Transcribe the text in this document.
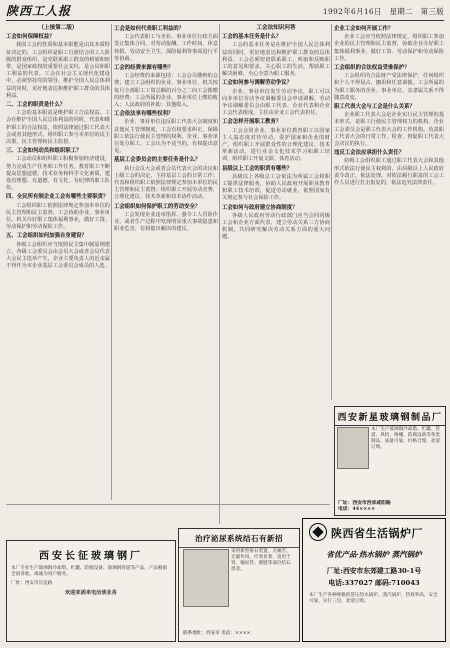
陕西工人报	1992年6月16日 星期二 第三版

（上接第二版）

工会如何保障权益？

我国工会的性质和基本职能是由其本质特征决定的。工会组织是职工自愿结合的工人阶级的群众组织，是党联系职工群众的桥梁和纽带，是国家政权的重要社会支柱，是会员和职工利益的代表。工会在社会主义现代化建设中，必须坚持党的领导，维护全国人民总体利益的同时，更好地表达和维护职工群众的具体利益。

二、工会的职责是什么？

工会的基本职责是维护职工合法权益。工会在维护全国人民总体利益的同时，代表和维护职工的合法权益，依照法律通过职工代表大会或者其他形式，组织职工参与本单位的民主决策、民主管理和民主监督。

三、工会如何动员和组织职工？

工会动员和组织职工积极参加经济建设，努力完成生产任务和工作任务。教育职工不断提高思想道德、技术业务和科学文化素质，建设有理想、有道德、有文化、有纪律的职工队伍。

四、全民所有制企业工会有哪些主要职责？

工会组织职工依照法律规定参加本单位的民主管理和民主监督。工会协助企业、事业单位、机关办好职工集体福利事业，做好工资、劳动保护和劳动保险工作。

五、工会组织如何加强自身建设？

各级工会组织应当按照民主集中制原则建立，各级工会委员会由会员大会或者会员代表大会民主选举产生，企业主要负责人的近亲属不得作为本企业基层工会委员会成员的人选。

工会是如何代表职工利益的？

工会代表职工与企业、事业单位行政方面签订集体合同，对劳动报酬、工作时间、休息休假、劳动安全卫生、保险福利等事项进行平等协商。

工会的经费来源有哪些？

工会经费的来源包括：工会会员缴纳的会费；建立工会组织的企业、事业单位、机关按每月全部职工工资总额的百分之二向工会拨缴的经费；工会所属的企业、事业单位上缴的收入；人民政府的补助；其他收入。

工会依法享有哪些权利？

企业、事业单位违反职工代表大会制度和其他民主管理制度，工会有权要求纠正，保障职工依法行使民主管理的权利。企业、事业单位处分职工，工会认为不适当的，有权提出意见。

基层工会委员会的主要任务是什么？

执行会员大会或者会员代表大会的决议和上级工会的决定，主持基层工会的日常工作；代表和组织职工依照法律规定参加本单位的民主管理和民主监督；组织职工开展劳动竞赛、合理化建议、技术革新和技术协作活动。

工会组织如何保护职工的劳动安全？

工会发现企业违章指挥、强令工人冒险作业，或者生产过程中发现明显重大事故隐患和职业危害，有权提出解决的建议。

工会法知识问答

工会的基本任务是什么？

工会的基本任务是在维护全国人民总体利益的同时，更好地表达和维护职工群众的具体利益。工会必须密切联系职工，听取和反映职工的意见和要求，关心职工的生活，帮助职工解决困难，全心全意为职工服务。

工会如何参与调解劳动争议？

企业、事业单位发生劳动争议，职工可以向本单位劳动争议调解委员会申请调解。劳动争议调解委员会由职工代表、企业代表和企业工会代表组成，主任由企业工会代表担任。

工会怎样开展职工教育？

工会会同企业、事业单位教育职工以国家主人翁态度对待劳动，爱护国家和企业的财产，组织职工开展群众性的合理化建议、技术革新活动，进行业余文化技术学习和职工培训，组织职工开展文娱、体育活动。

县级以上工会的职责有哪些？

县级以上各级总工会依法为所属工会和职工提供法律服务，协助人民政府开展职业教育和职工技术培训，促进劳动就业，依照国家有关规定参与社会保险工作。

工会如何与政府建立协商制度？

各级人民政府劳动行政部门应当会同同级工会和企业方面代表，建立劳动关系三方协商机制，共同研究解决劳动关系方面的重大问题。

企业工会如何开展工作？

企业工会应当依照法律规定，组织职工参加企业的民主管理和民主监督，协助企业办好职工集体福利事业，做好工资、劳动保护和劳动保险工作。

工会组织的合法权益受谁保护？

工会组织的合法财产受法律保护，任何组织和个人不得侵占、挪用和任意调拨。工会所属的为职工服务的企业、事业单位，其隶属关系不得随意改变。

职工代表大会与工会是什么关系？

企业职工代表大会是企业实行民主管理的基本形式，是职工行使民主管理权力的机构。企业工会委员会是职工代表大会的工作机构，负责职工代表大会的日常工作，检查、督促职工代表大会决议的执行。

违反工会法应承担什么责任？

妨碍工会组织职工通过职工代表大会和其他形式依法行使民主权利的，由县级以上人民政府责令改正，依法处理。对依法履行职责的工会工作人员进行打击报复的，依法追究法律责任。

西安新星玻璃钢制品厂
本厂生产玻璃钢冷却塔、贮罐、管道、风机、格栅、防腐设备等各类制品，质量可靠，价格合理，欢迎订购。
厂址：西安市西郊咸阳路
电话：44××××
西安长征玻璃钢厂
本厂专业生产玻璃钢冷却塔、贮罐、防腐设备、玻璃钢管道等产品，产品畅销全国各地，竭诚为用户服务。
厂址：西安市长征路
欢迎来函来电洽谈业务
治疗泌尿系统结石有新招
采用新型排石装置，无痛苦、无副作用，疗效显著，适用于肾、输尿管、膀胱等部位结石患者。
联系地址：西安市 电话：××××
陕西省生活锅炉厂
省优产品·热水锅炉 蒸汽锅炉
厂址:西安市东郊建工路30-1号
电话:337027 邮码:710043
本厂生产各种规格的常压热水锅炉、蒸汽锅炉，热效率高，安全可靠，实行三包，欢迎订购。
